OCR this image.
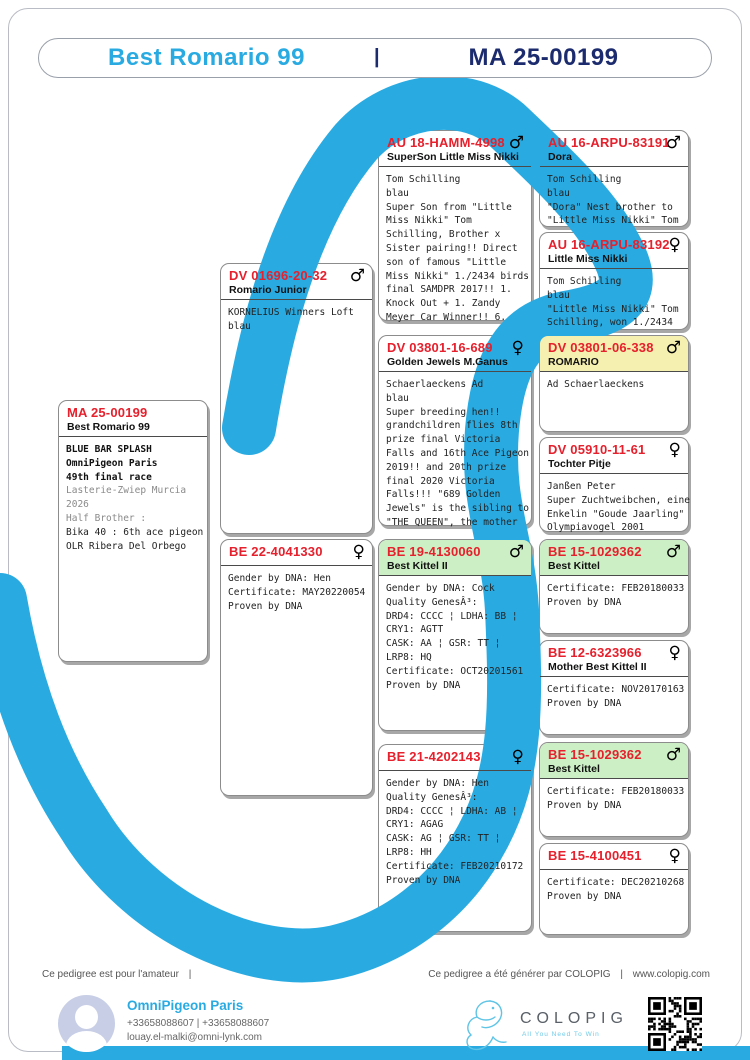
Best Romario 99	|	MA 25-00199
MA 25-00199
Best Romario 99
BLUE BAR SPLASH
OmniPigeon Paris
49th final race
Lasterie-Zwiep Murcia
2026
Half Brother :
Bika 40 : 6th ace pigeon
OLR Ribera Del Orbego
DV 01696-20-32
Romario Junior
♂
KORNELIUS Winners Loft
blau
BE 22-4041330	♀
Gender by DNA: Hen
Certificate: MAY20220054
Proven by DNA
AU 18-HAMM-4998
SuperSon Little Miss Nikki
♂
Tom Schilling
blau
Super Son from "Little
Miss Nikki" Tom
Schilling, Brother x
Sister pairing!! Direct
son of famous "Little
Miss Nikki" 1./2434 birds
final SAMDPR 2017!! 1.
Knock Out + 1. Zandy
Meyer Car Winner!! 6.
DV 03801-16-689
Golden Jewels M.Ganus
♀
Schaerlaeckens Ad
blau
Super breeding hen!!
grandchildren flies 8th
prize final Victoria
Falls and 16th Ace Pigeon
2019!! and 20th prize
final 2020 Victoria
Falls!!! "689 Golden
Jewels" is the sibling to
"THE QUEEN", the mother
BE 19-4130060
Best Kittel II
♂
Gender by DNA: Cock
Quality GenesÂ³:
DRD4: CCCC ¦ LDHA: BB ¦
CRY1: AGTT
CASK: AA ¦ GSR: TT ¦
LRP8: HQ
Certificate: OCT20201561
Proven by DNA
BE 21-4202143	♀
Gender by DNA: Hen
Quality GenesÂ³:
DRD4: CCCC ¦ LDHA: AB ¦
CRY1: AGAG
CASK: AG ¦ GSR: TT ¦
LRP8: HH
Certificate: FEB20210172
Proven by DNA
AU 16-ARPU-83191
Dora
♂
Tom Schilling
blau
"Dora" Nest brother to
"Little Miss Nikki" Tom
AU 16-ARPU-83192
Little Miss Nikki
♀
Tom Schilling
blau
"Little Miss Nikki" Tom
Schilling, won 1./2434
DV 03801-06-338
ROMARIO
♂
Ad Schaerlaeckens
DV 05910-11-61
Tochter Pitje
♀
Janßen Peter
Super Zuchtweibchen, eine
Enkelin "Goude Jaarling"
Olympiavogel 2001
BE 15-1029362
Best Kittel
♂
Certificate: FEB20180033
Proven by DNA
BE 12-6323966
Mother Best Kittel II
♀
Certificate: NOV20170163
Proven by DNA
BE 15-1029362
Best Kittel
♂
Certificate: FEB20180033
Proven by DNA
BE 15-4100451	♀
Certificate: DEC20210268
Proven by DNA
Ce pedigree est pour l'amateur |	Ce pedigree a été générer par COLOPIG | www.colopig.com
OmniPigeon Paris
+33658088607 | +33658088607
louay.el-malki@omni-lynk.com
COLOPIG
All You Need To Win
